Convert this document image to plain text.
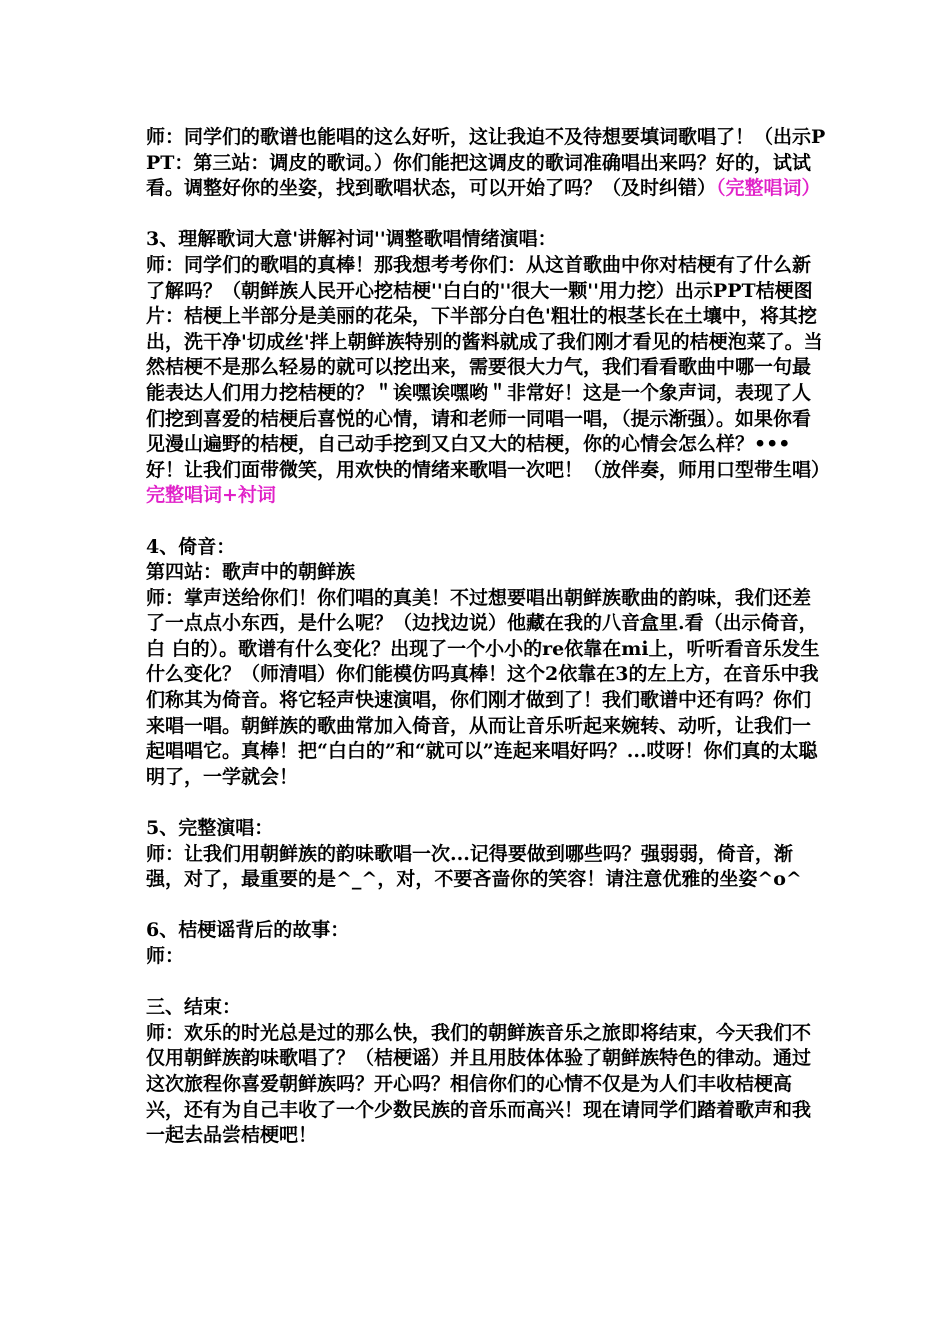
师：同学们的歌谱也能唱的这么好听，这让我迫不及待想要填词歌唱了！（出示PPT：第三站：调皮的歌词。）你们能把这调皮的歌词准确唱出来吗？好的，试试看。调整好你的坐姿，找到歌唱状态，可以开始了吗？（及时纠错）（完整唱词）

3、理解歌词大意'讲解衬词''调整歌唱情绪演唱：

师：同学们的歌唱的真棒！那我想考考你们：从这首歌曲中你对桔梗有了什么新了解吗？（朝鲜族人民开心挖桔梗''白白的''很大一颗''用力挖）出示PPT桔梗图片：桔梗上半部分是美丽的花朵，下半部分白色'粗壮的根茎长在土壤中，将其挖出，洗干净'切成丝'拌上朝鲜族特别的酱料就成了我们刚才看见的桔梗泡菜了。当然桔梗不是那么轻易的就可以挖出来，需要很大力气，我们看看歌曲中哪一句最能表达人们用力挖桔梗的？＂诶嘿诶嘿哟＂非常好！这是一个象声词，表现了人们挖到喜爱的桔梗后喜悦的心情，请和老师一同唱一唱，（提示渐强）。如果你看见漫山遍野的桔梗，自己动手挖到又白又大的桔梗，你的心情会怎么样？•••好！让我们面带微笑，用欢快的情绪来歌唱一次吧！（放伴奏，师用口型带生唱）完整唱词+衬词

4、倚音：

第四站：歌声中的朝鲜族

师：掌声送给你们！你们唱的真美！不过想要唱出朝鲜族歌曲的韵味，我们还差了一点点小东西，是什么呢？（边找边说）他藏在我的八音盒里.看（出示倚音，白 白的）。歌谱有什么变化？出现了一个小小的re依靠在mi上，听听看音乐发生什么变化？（师清唱）你们能模仿吗真棒！这个2依靠在3的左上方，在音乐中我们称其为倚音。将它轻声快速演唱，你们刚才做到了！我们歌谱中还有吗？你们来唱一唱。朝鲜族的歌曲常加入倚音，从而让音乐听起来婉转、动听，让我们一起唱唱它。真棒！把“白白的”和“就可以”连起来唱好吗？...哎呀！你们真的太聪明了，一学就会！

5、完整演唱：

师：让我们用朝鲜族的韵味歌唱一次...记得要做到哪些吗？强弱弱，倚音，渐强，对了，最重要的是^_^，对，不要吝啬你的笑容！请注意优雅的坐姿^o^

6、桔梗谣背后的故事：

师：

三、结束：

师：欢乐的时光总是过的那么快，我们的朝鲜族音乐之旅即将结束，今天我们不仅用朝鲜族韵味歌唱了？（桔梗谣）并且用肢体体验了朝鲜族特色的律动。通过这次旅程你喜爱朝鲜族吗？开心吗？相信你们的心情不仅是为人们丰收桔梗高兴，还有为自己丰收了一个少数民族的音乐而高兴！现在请同学们踏着歌声和我一起去品尝桔梗吧！
